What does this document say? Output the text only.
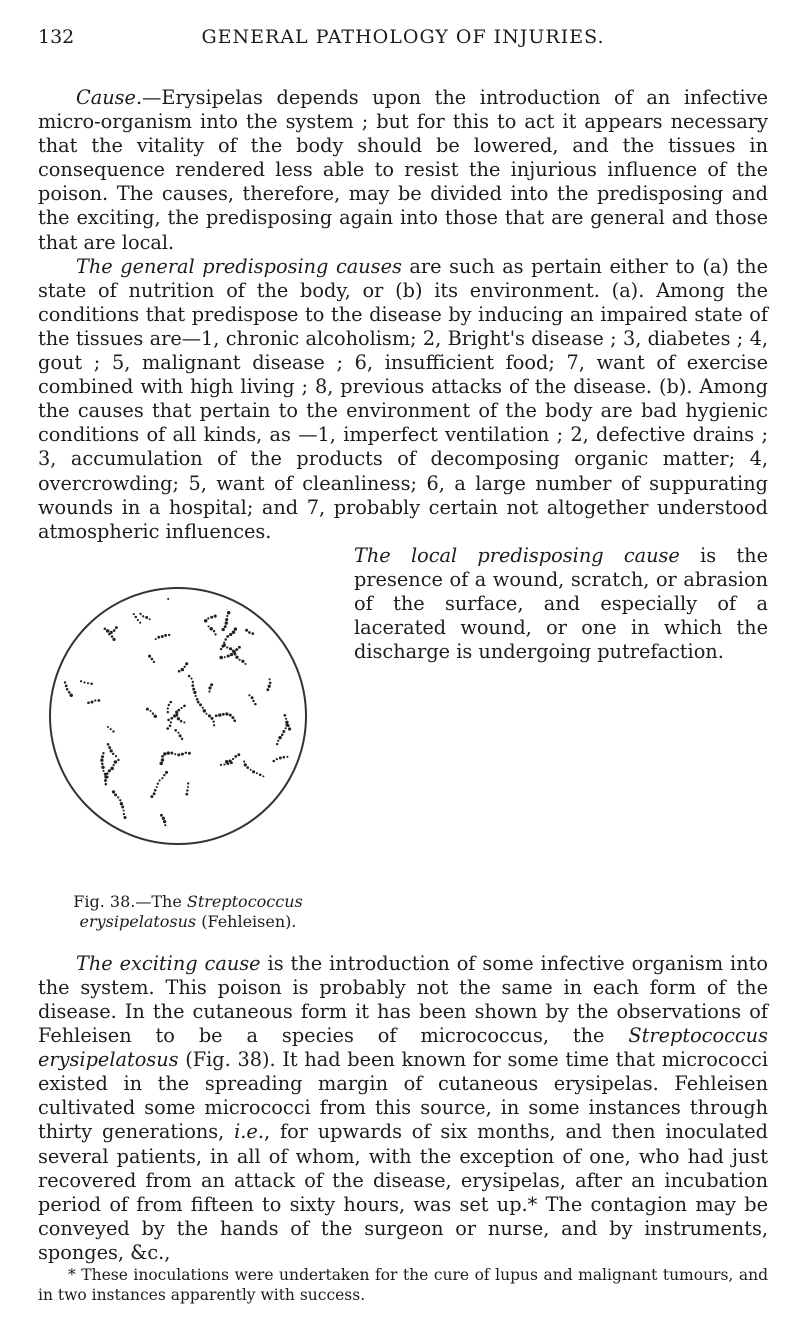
132	GENERAL PATHOLOGY OF INJURIES.

Cause.—Erysipelas depends upon the introduction of an infective micro-organism into the system ; but for this to act it appears necessary that the vitality of the body should be lowered, and the tissues in consequence rendered less able to resist the injurious influence of the poison. The causes, therefore, may be divided into the predisposing and the exciting, the predisposing again into those that are general and those that are local.

The general predisposing causes are such as pertain either to (a) the state of nutrition of the body, or (b) its environment. (a). Among the conditions that predispose to the disease by inducing an impaired state of the tissues are—1, chronic alcoholism; 2, Bright's disease ; 3, diabetes ; 4, gout ; 5, malignant disease ; 6, insufficient food; 7, want of exercise combined with high living ; 8, previous attacks of the disease. (b). Among the causes that pertain to the environment of the body are bad hygienic conditions of all kinds, as —1, imperfect ventilation ; 2, defective drains ; 3, accumulation of the products of decomposing organic matter; 4, overcrowding; 5, want of cleanliness; 6, a large number of suppurating wounds in a hospital; and 7, probably certain not altogether understood atmospheric influences.

Fig. 38.—The Streptococcus erysipelatosus (Fehleisen).

The local predisposing cause is the presence of a wound, scratch, or abrasion of the surface, and especially of a lacerated wound, or one in which the discharge is undergoing putrefaction.

The exciting cause is the introduction of some infective organism into the system. This poison is probably not the same in each form of the disease. In the cutaneous form it has been shown by the observations of Fehleisen to be a species of micrococcus, the Streptococcus erysipelatosus (Fig. 38). It had been known for some time that micrococci existed in the spreading margin of cutaneous erysipelas. Fehleisen cultivated some micrococci from this source, in some instances through thirty generations, i.e., for upwards of six months, and then inoculated several patients, in all of whom, with the exception of one, who had just recovered from an attack of the disease, erysipelas, after an incubation period of from fifteen to sixty hours, was set up.* The contagion may be conveyed by the hands of the surgeon or nurse, and by instruments, sponges, &c.,

* These inoculations were undertaken for the cure of lupus and malignant tumours, and in two instances apparently with success.
